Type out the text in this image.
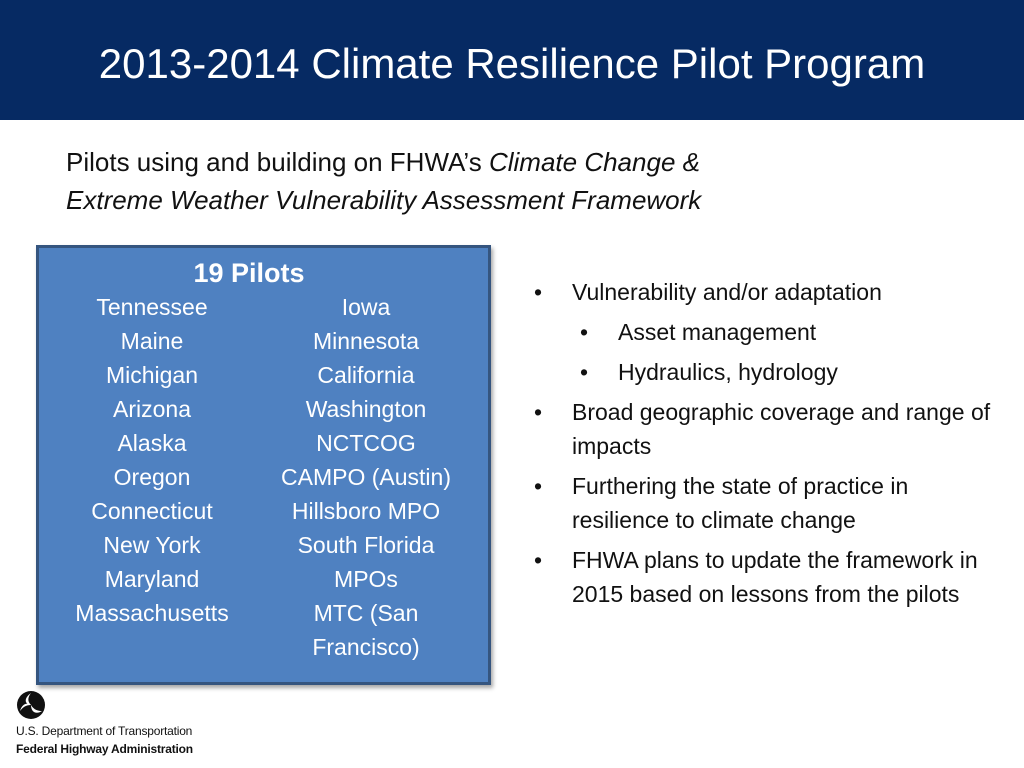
2013-2014 Climate Resilience Pilot Program
Pilots using and building on FHWA’s Climate Change &
Extreme Weather Vulnerability Assessment Framework
19 Pilots
Tennessee
Maine
Michigan
Arizona
Alaska
Oregon
Connecticut
New York
Maryland
Massachusetts
Iowa
Minnesota
California
Washington
NCTCOG
CAMPO (Austin)
Hillsboro MPO
South Florida
MPOs
MTC (San
Francisco)
• Vulnerability and/or adaptation
• Asset management
• Hydraulics, hydrology
• Broad geographic coverage and range of impacts
• Furthering the state of practice in resilience to climate change
• FHWA plans to update the framework in 2015 based on lessons from the pilots
U.S. Department of Transportation
Federal Highway Administration
